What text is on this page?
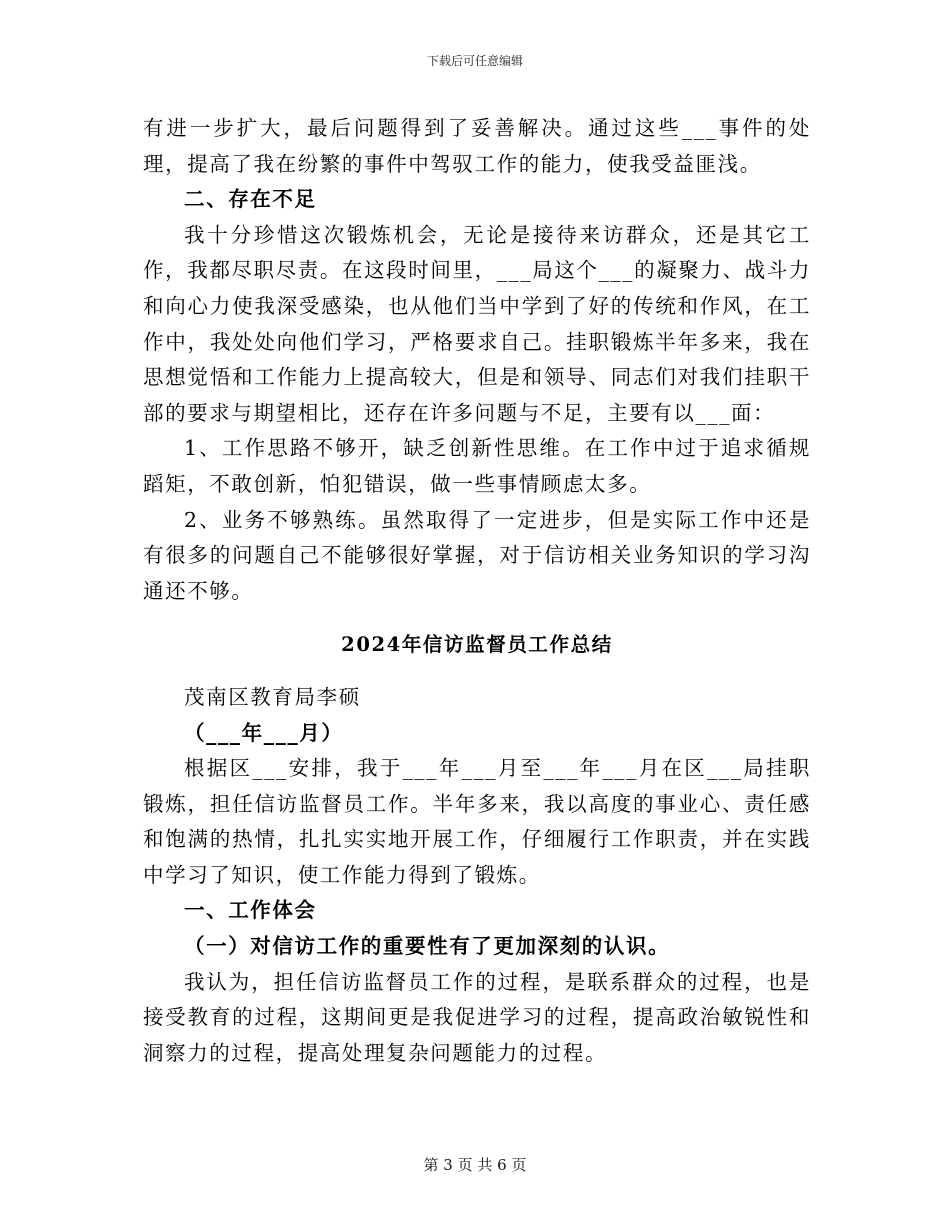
下载后可任意编辑

有进一步扩大，最后问题得到了妥善解决。通过这些___事件的处理，提高了我在纷繁的事件中驾驭工作的能力，使我受益匪浅。

二、存在不足

我十分珍惜这次锻炼机会，无论是接待来访群众，还是其它工作，我都尽职尽责。在这段时间里，___局这个___的凝聚力、战斗力和向心力使我深受感染，也从他们当中学到了好的传统和作风，在工作中，我处处向他们学习，严格要求自己。挂职锻炼半年多来，我在思想觉悟和工作能力上提高较大，但是和领导、同志们对我们挂职干部的要求与期望相比，还存在许多问题与不足，主要有以___面：

1、工作思路不够开，缺乏创新性思维。在工作中过于追求循规蹈矩，不敢创新，怕犯错误，做一些事情顾虑太多。

2、业务不够熟练。虽然取得了一定进步，但是实际工作中还是有很多的问题自己不能够很好掌握，对于信访相关业务知识的学习沟通还不够。

2024年信访监督员工作总结

茂南区教育局李硕

（___年___月）

根据区___安排，我于___年___月至___年___月在区___局挂职锻炼，担任信访监督员工作。半年多来，我以高度的事业心、责任感和饱满的热情，扎扎实实地开展工作，仔细履行工作职责，并在实践中学习了知识，使工作能力得到了锻炼。

一、工作体会

（一）对信访工作的重要性有了更加深刻的认识。

我认为，担任信访监督员工作的过程，是联系群众的过程，也是接受教育的过程，这期间更是我促进学习的过程，提高政治敏锐性和洞察力的过程，提高处理复杂问题能力的过程。

第 3 页 共 6 页
